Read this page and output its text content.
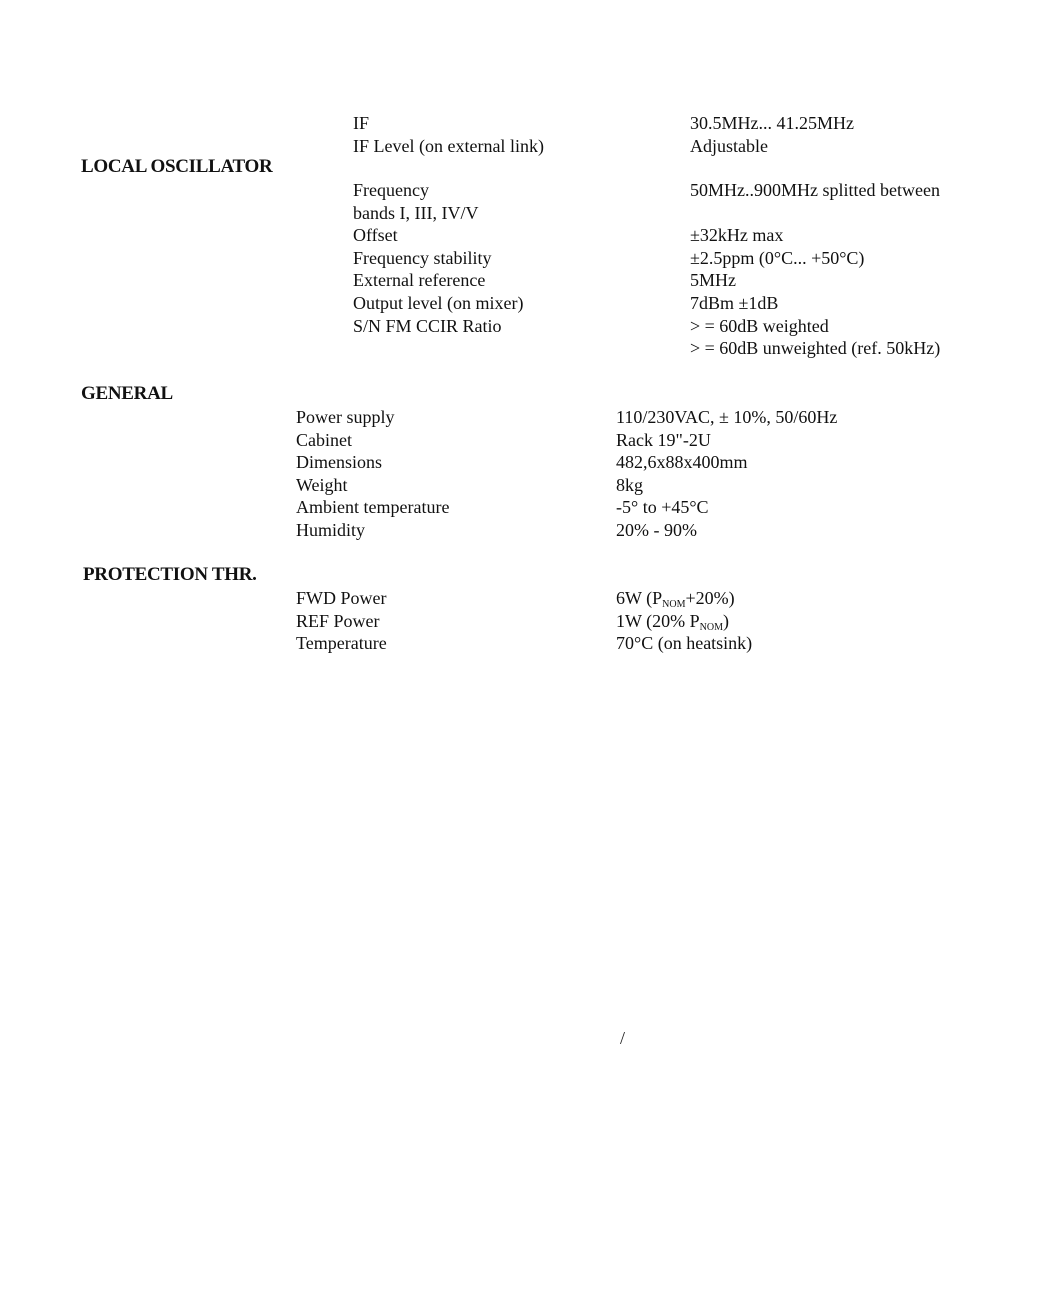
IF
IF Level (on external link)
30.5MHz... 41.25MHz
Adjustable
LOCAL OSCILLATOR
Frequency
bands I, III, IV/V
Offset
Frequency stability
External reference
Output level (on mixer)
S/N FM CCIR Ratio
50MHz..900MHz splitted between
±32kHz max
±2.5ppm (0°C... +50°C)
5MHz
7dBm ±1dB
> = 60dB weighted
> = 60dB unweighted (ref. 50kHz)
GENERAL
Power supply
Cabinet
Dimensions
Weight
Ambient temperature
Humidity
110/230VAC, ± 10%, 50/60Hz
Rack 19"-2U
482,6x88x400mm
8kg
-5° to +45°C
20% - 90%
PROTECTION THR.
FWD Power
REF Power
Temperature
6W $(P_{NOM}+20\%)$
1W (20% $P_{NOM}$)
70°C (on heatsink)
/
